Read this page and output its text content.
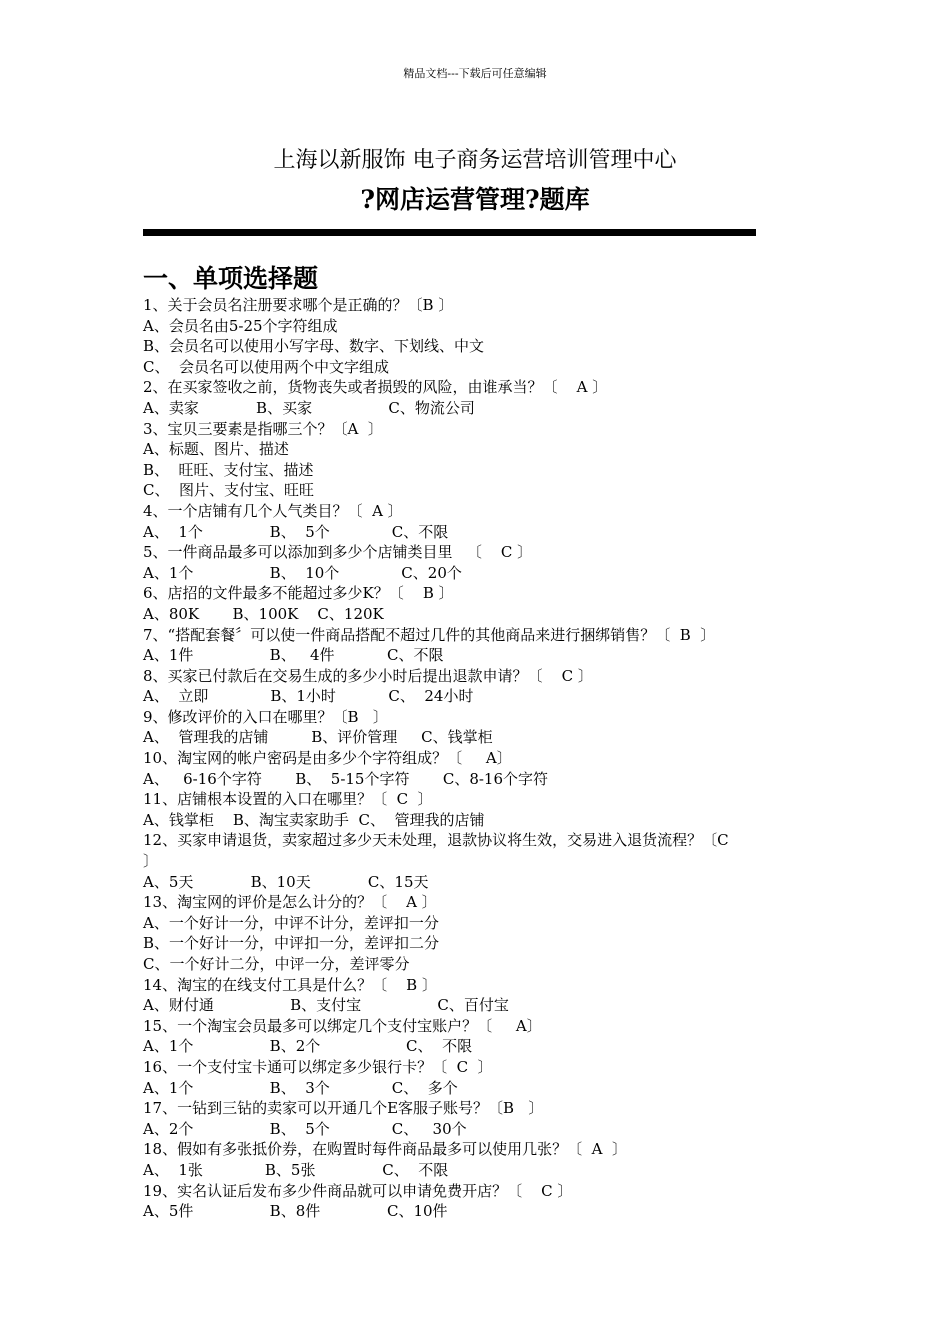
精品文档---下载后可任意编辑
上海以新服饰 电子商务运营培训管理中心
?网店运营管理?题库
一、单项选择题
1、关于会员名注册要求哪个是正确的？〔B 〕
A、会员名由5-25个字符组成
B、会员名可以使用小写字母、数字、下划线、中文
C、  会员名可以使用两个中文字组成
2、在买家签收之前，货物丧失或者损毁的风险，由谁承当？〔    A 〕
A、卖家            B、买家                C、物流公司
3、宝贝三要素是指哪三个？〔A  〕
A、标题、图片、描述
B、  旺旺、支付宝、描述
C、  图片、支付宝、旺旺
4、一个店铺有几个人气类目？〔  A 〕
A、  1个              B、  5个             C、不限
5、一件商品最多可以添加到多少个店铺类目里   〔    C 〕
A、1个                B、  10个             C、20个
6、店招的文件最多不能超过多少K？〔    B 〕
A、80K       B、100K    C、120K
7、“搭配套餐〞可以使一件商品搭配不超过几件的其他商品来进行捆绑销售？〔  B  〕
A、1件                B、   4件           C、不限
8、买家已付款后在交易生成的多少小时后提出退款申请？〔    C 〕
A、  立即             B、1小时           C、  24小时
9、修改评价的入口在哪里？〔B   〕
A、  管理我的店铺         B、评价管理     C、钱掌柜
10、淘宝网的帐户密码是由多少个字符组成？〔     A〕
A、   6-16个字符       B、  5-15个字符       C、8-16个字符
11、店铺根本设置的入口在哪里？〔  C  〕
A、钱掌柜    B、淘宝卖家助手  C、  管理我的店铺
12、买家申请退货，卖家超过多少天未处理，退款协议将生效，交易进入退货流程？〔C
〕
A、5天            B、10天            C、15天
13、淘宝网的评价是怎么计分的？〔    A 〕
A、一个好计一分，中评不计分，差评扣一分
B、一个好计一分，中评扣一分，差评扣二分
C、一个好计二分，中评一分，差评零分
14、淘宝的在线支付工具是什么？〔    B 〕
A、财付通                B、支付宝                C、百付宝
15、一个淘宝会员最多可以绑定几个支付宝账户？〔     A〕
A、1个                B、2个                  C、  不限
16、一个支付宝卡通可以绑定多少银行卡？〔  C  〕
A、1个                B、  3个             C、  多个
17、一钻到三钻的卖家可以开通几个E客服子账号？〔B   〕
A、2个                B、  5个             C、   30个
18、假如有多张抵价券，在购置时每件商品最多可以使用几张？〔  A  〕
A、  1张             B、5张              C、  不限
19、实名认证后发布多少件商品就可以申请免费开店？〔    C 〕
A、5件                B、8件              C、10件
